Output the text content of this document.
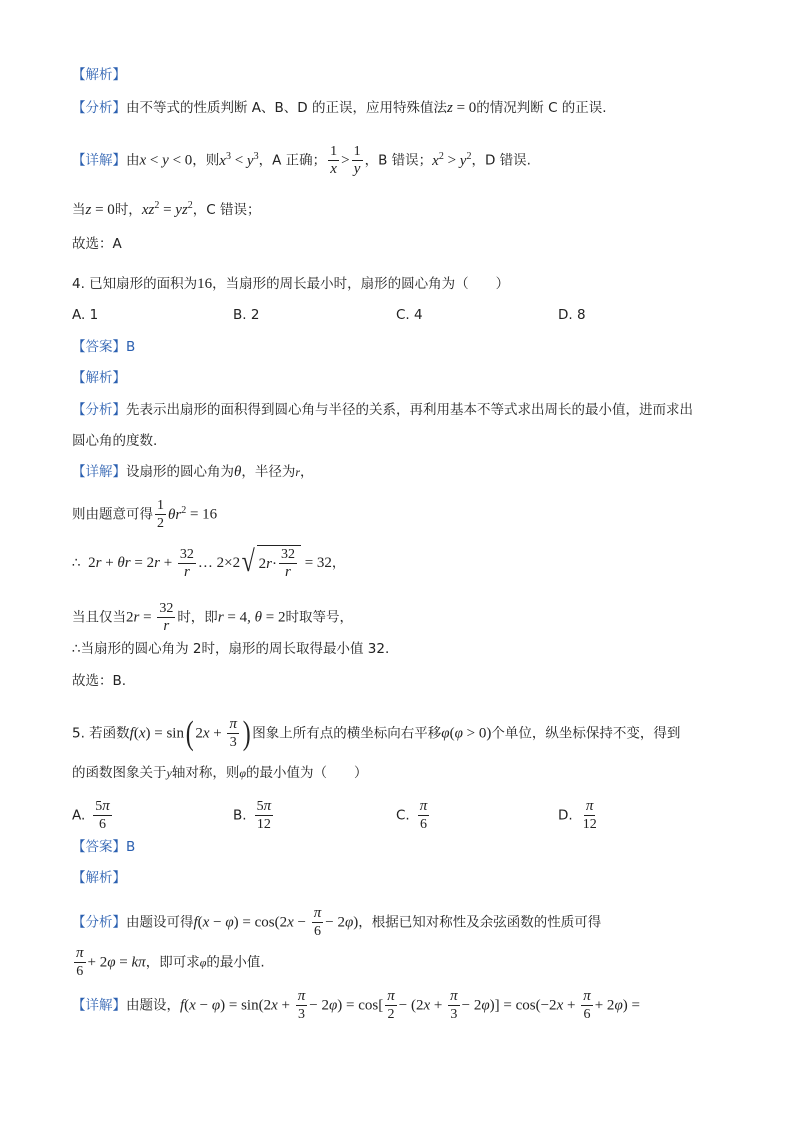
【解析】
【分析】由不等式的性质判断 A、B、D 的正误，应用特殊值法z = 0的情况判断 C 的正误.
【详解】由x < y < 0，则$x^3 < y^3$，A 正确； $\frac{1}{x} > \frac{1}{y}$ ，B 错误；$x^2 > y^2$，D 错误.
当z = 0时，$xz^2 = yz^2$，C 错误；
故选：A
4. 已知扇形的面积为16，当扇形的周长最小时，扇形的圆心角为（　　）
A. 1	B. 2	C. 4	D. 8
【答案】B
【解析】
【分析】先表示出扇形的面积得到圆心角与半径的关系，再利用基本不等式求出周长的最小值，进而求出
圆心角的度数.
【详解】设扇形的圆心角为θ，半径为r，
则由题意可得 $\frac{1}{2} \theta r^2 = 16$
∴  $2r + \theta r = 2r + \frac{32}{r}$ … 2×2 √ 2 $r \cdot \frac{32}{r} = 32$，
当且仅当$2r = \frac{32}{r}$ 时，即r = 4, θ = 2时取等号，
∴当扇形的圆心角为 2时，扇形的周长取得最小值 32.
故选：B.
5. 若函数f(x) = sin( $2x + \frac{\pi}{3}$ ) 图象上所有点的横坐标向右平移φ(φ > 0)个单位，纵坐标保持不变，得到
的函数图象关于y轴对称，则φ的最小值为（　　）
A. $\frac{5\pi}{6}$	B. $\frac{5\pi}{12}$	C. $\frac{\pi}{6}$	D. $\frac{\pi}{12}$
【答案】B
【解析】
【分析】由题设可得$f(x - \varphi) = \cos(2x - \frac{\pi}{6} - 2\varphi)$，根据已知对称性及余弦函数的性质可得
$\frac{\pi}{6} + 2\varphi = k\pi$，即可求φ的最小值.
【详解】由题设，$f(x - \varphi) = \sin(2x + \frac{\pi}{3} - 2\varphi) = \cos[ \frac{\pi}{2} - (2x + \frac{\pi}{3} - 2\varphi)] = \cos(-2x + \frac{\pi}{6} + 2\varphi)$ =
